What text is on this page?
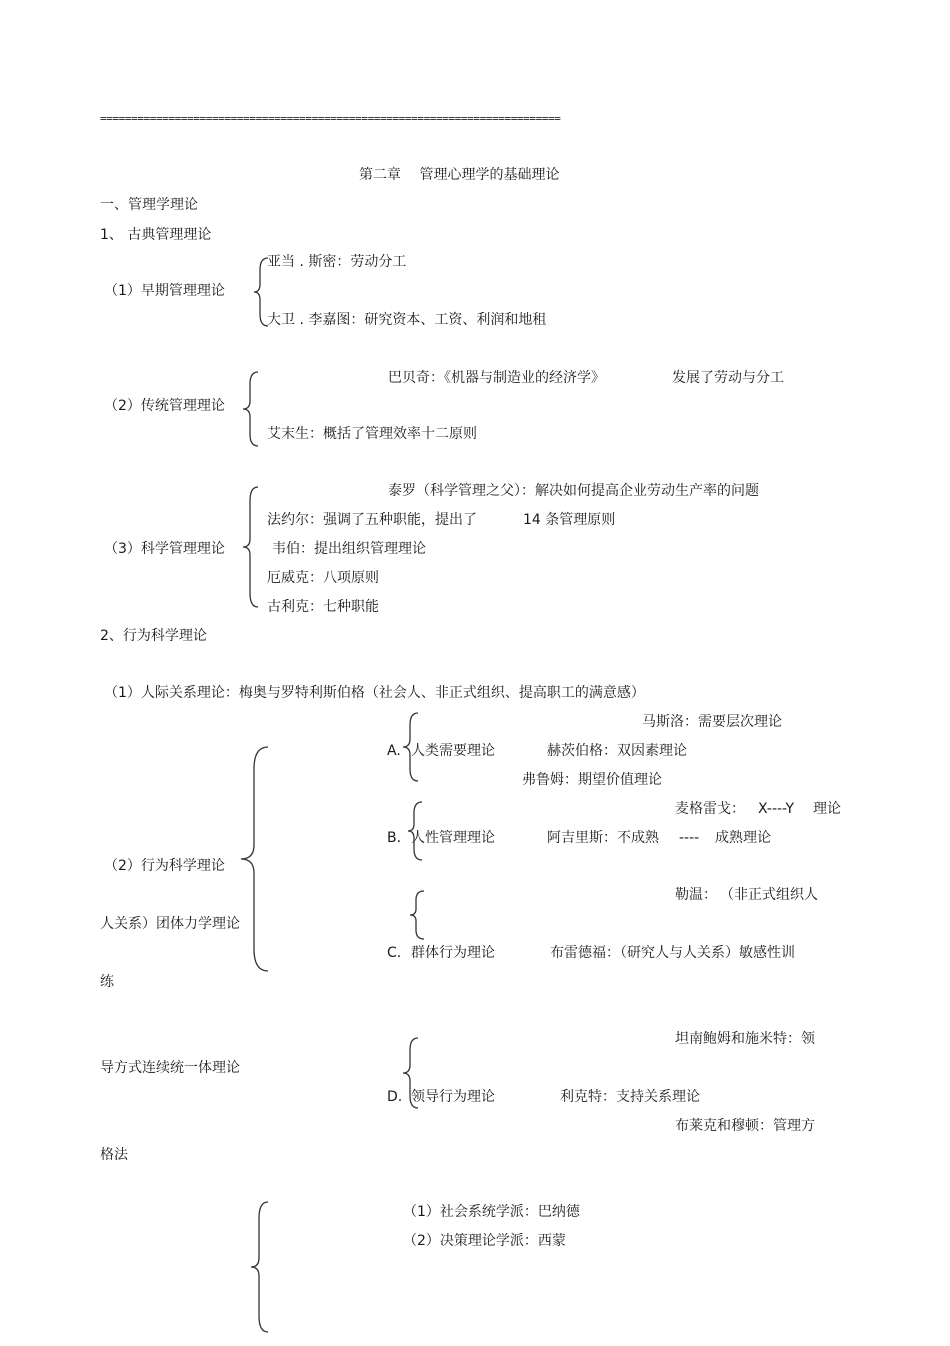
==========================================================================
第二章　 管理心理学的基础理论
一、管理学理论
1、 古典管理理论
亚当 . 斯密：劳动分工
（1）早期管理理论
大卫 . 李嘉图：研究资本、工资、利润和地租
巴贝奇：《机器与制造业的经济学》	发展了劳动与分工
（2）传统管理理论
艾末生：概括了管理效率十二原则
泰罗（科学管理之父）：解决如何提高企业劳动生产率的问题
法约尔：强调了五种职能，提出了	14 条管理原则
（3）科学管理理论	韦伯：提出组织管理理论
厄威克：八项原则
古利克：七种职能
2、行为科学理论
（1）人际关系理论：梅奥与罗特利斯伯格（社会人、非正式组织、提高职工的满意感）
马斯洛：需要层次理论
A. 人类需要理论	赫茨伯格：双因素理论
弗鲁姆：期望价值理论
麦格雷戈： X----Y 理论
B. 人性管理理论	阿吉里斯：不成熟 ---- 成熟理论
（2）行为科学理论
勒温： （非正式组织人
人关系）团体力学理论
C. 群体行为理论	布雷德福：（研究人与人关系）敏感性训
练
坦南鲍姆和施米特：领
导方式连续统一体理论
D. 领导行为理论	利克特：支持关系理论
布莱克和穆顿：管理方
格法
（1）社会系统学派：巴纳德
（2）决策理论学派：西蒙
